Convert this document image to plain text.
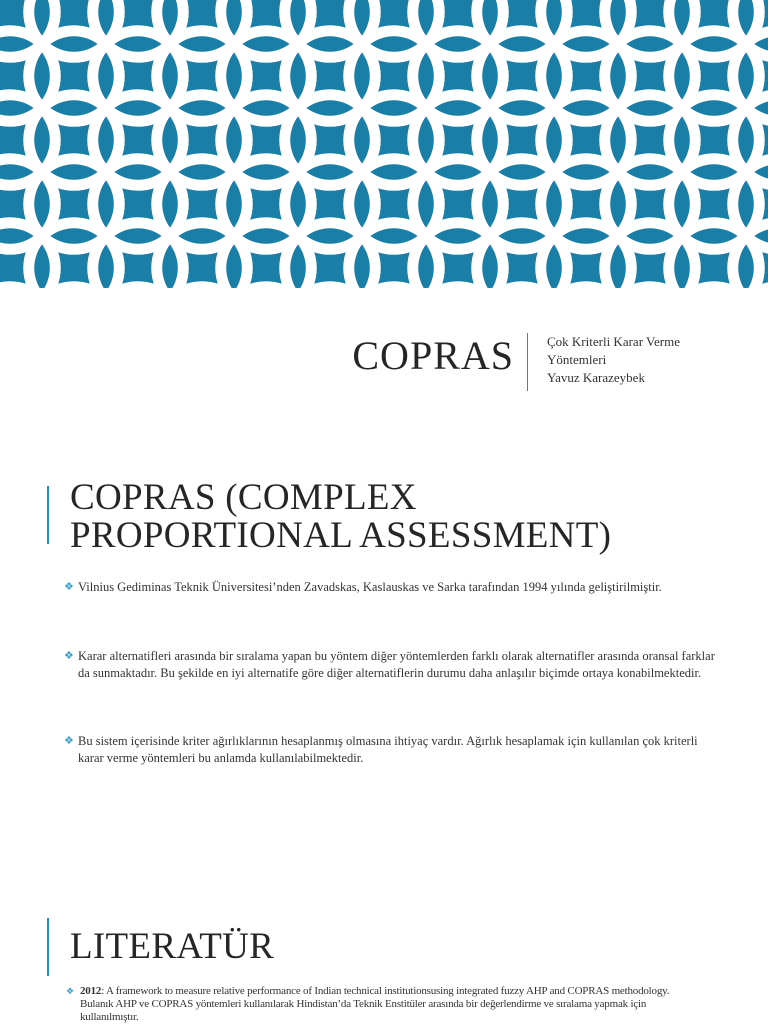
COPRAS	Çok Kriterli Karar Verme
Yöntemleri
Yavuz Karazeybek
COPRAS (COMPLEX
PROPORTIONAL ASSESSMENT)
❖ Vilnius Gediminas Teknik Üniversitesi’nden Zavadskas, Kaslauskas ve Sarka tarafından 1994 yılında geliştirilmiştir.
❖ Karar alternatifleri arasında bir sıralama yapan bu yöntem diğer yöntemlerden farklı olarak alternatifler arasında oransal farklar da sunmaktadır. Bu şekilde en iyi alternatife göre diğer alternatiflerin durumu daha anlaşılır biçimde ortaya konabilmektedir.
❖ Bu sistem içerisinde kriter ağırlıklarının hesaplanmış olmasına ihtiyaç vardır. Ağırlık hesaplamak için kullanılan çok kriterli karar verme yöntemleri bu anlamda kullanılabilmektedir.
LITERATÜR
❖ 2012: A framework to measure relative performance of Indian technical institutionsusing integrated fuzzy AHP and COPRAS methodology. Bulanık AHP ve COPRAS yöntemleri kullanılarak Hindistan’da Teknik Enstitüler arasında bir değerlendirme ve sıralama yapmak için kullanılmıştır.
